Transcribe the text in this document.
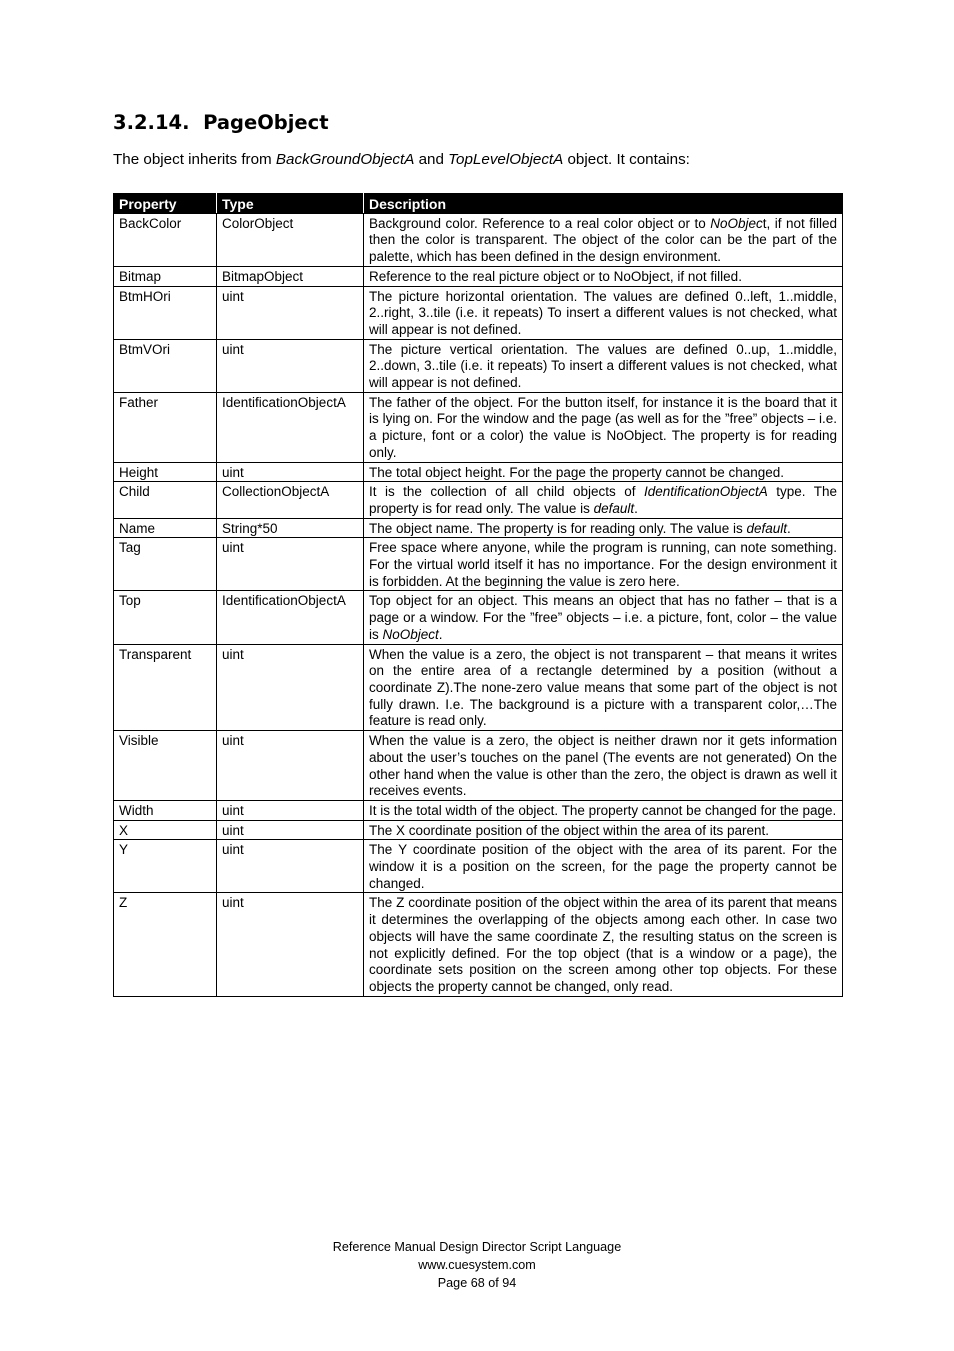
3.2.14. PageObject
The object inherits from BackGroundObjectA and TopLevelObjectA object. It contains:
Property	Type	Description
BackColor	ColorObject	Background color. Reference to a real color object or to NoObject, if not filled then the color is transparent. The object of the color can be the part of the palette, which has been defined in the design environment.
Bitmap	BitmapObject	Reference to the real picture object or to NoObject, if not filled.
BtmHOri	uint	The picture horizontal orientation. The values are defined 0..left, 1..middle, 2..right, 3..tile (i.e. it repeats) To insert a different values is not checked, what will appear is not defined.
BtmVOri	uint	The picture vertical orientation. The values are defined 0..up, 1..middle, 2..down, 3..tile (i.e. it repeats) To insert a different values is not checked, what will appear is not defined.
Father	IdentificationObjectA	The father of the object. For the button itself, for instance it is the board that it is lying on. For the window and the page (as well as for the ”free” objects – i.e. a picture, font or a color) the value is NoObject. The property is for reading only.
Height	uint	The total object height. For the page the property cannot be changed.
Child	CollectionObjectA	It is the collection of all child objects of IdentificationObjectA type. The property is for read only. The value is default.
Name	String*50	The object name. The property is for reading only. The value is default.
Tag	uint	Free space where anyone, while the program is running, can note something. For the virtual world itself it has no importance. For the design environment it is forbidden. At the beginning the value is zero here.
Top	IdentificationObjectA	Top object for an object. This means an object that has no father – that is a page or a window. For the ”free” objects – i.e. a picture, font, color – the value is NoObject.
Transparent	uint	When the value is a zero, the object is not transparent – that means it writes on the entire area of a rectangle determined by a position (without a coordinate Z).The none-zero value means that some part of the object is not fully drawn. I.e. The background is a picture with a transparent color,…The feature is read only.
Visible	uint	When the value is a zero, the object is neither drawn nor it gets information about the user’s touches on the panel (The events are not generated) On the other hand when the value is other than the zero, the object is drawn as well it receives events.
Width	uint	It is the total width of the object. The property cannot be changed for the page.
X	uint	The X coordinate position of the object within the area of its parent.
Y	uint	The Y coordinate position of the object with the area of its parent. For the window it is a position on the screen, for the page the property cannot be changed.
Z	uint	The Z coordinate position of the object within the area of its parent that means it determines the overlapping of the objects among each other. In case two objects will have the same coordinate Z, the resulting status on the screen is not explicitly defined. For the top object (that is a window or a page), the coordinate sets position on the screen among other top objects. For these objects the property cannot be changed, only read.
Reference Manual Design Director Script Language
www.cuesystem.com
Page 68 of 94
